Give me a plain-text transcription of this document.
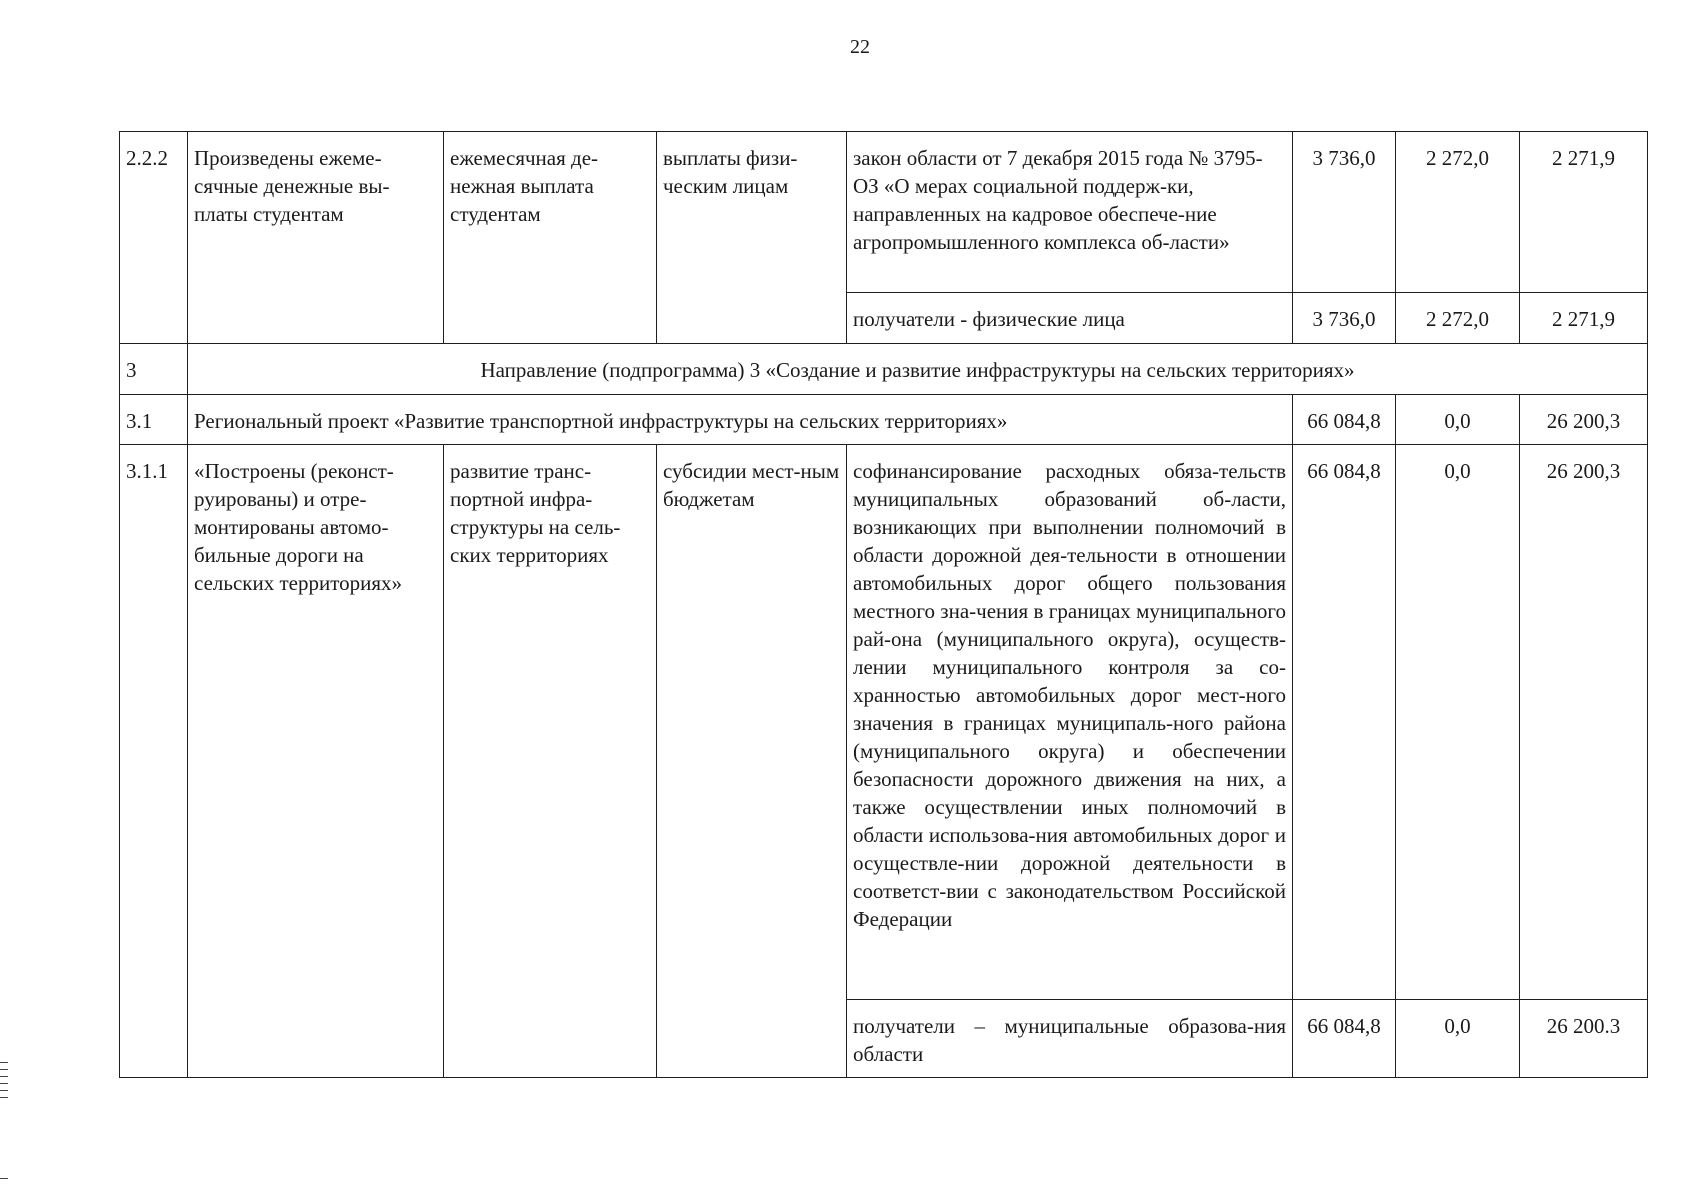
22
2.2.2	Произведены ежеме-сячные денежные вы-платы студентам	ежемесячная де-нежная выплата студентам	выплаты физи-ческим лицам	закон области от 7 декабря 2015 года № 3795-ОЗ «О мерах социальной поддерж-ки, направленных на кадровое обеспече-ние агропромышленного комплекса об-ласти»	3 736,0	2 272,0	2 271,9
				получатели - физические лица	3 736,0	2 272,0	2 271,9
3	Направление (подпрограмма) 3 «Создание и развитие инфраструктуры на сельских территориях»						
3.1	Региональный проект «Развитие транспортной инфраструктуры на сельских территориях»				66 084,8	0,0	26 200,3
3.1.1	«Построены (реконст-руированы) и отре-монтированы автомо-бильные дороги на сельских территориях»	развитие транс-портной инфра-структуры на сель-ских территориях	субсидии мест-ным бюджетам	софинансирование расходных обяза-тельств муниципальных образований об-ласти, возникающих при выполнении полномочий в области дорожной дея-тельности в отношении автомобильных дорог общего пользования местного зна-чения в границах муниципального рай-она (муниципального округа), осуществ-лении муниципального контроля за со-хранностью автомобильных дорог мест-ного значения в границах муниципаль-ного района (муниципального округа) и обеспечении безопасности дорожного движения на них, а также осуществлении иных полномочий в области использова-ния автомобильных дорог и осуществле-нии дорожной деятельности в соответст-вии с законодательством Российской Федерации	66 084,8	0,0	26 200,3
				получатели – муниципальные образова-ния области	66 084,8	0,0	26 200.3
